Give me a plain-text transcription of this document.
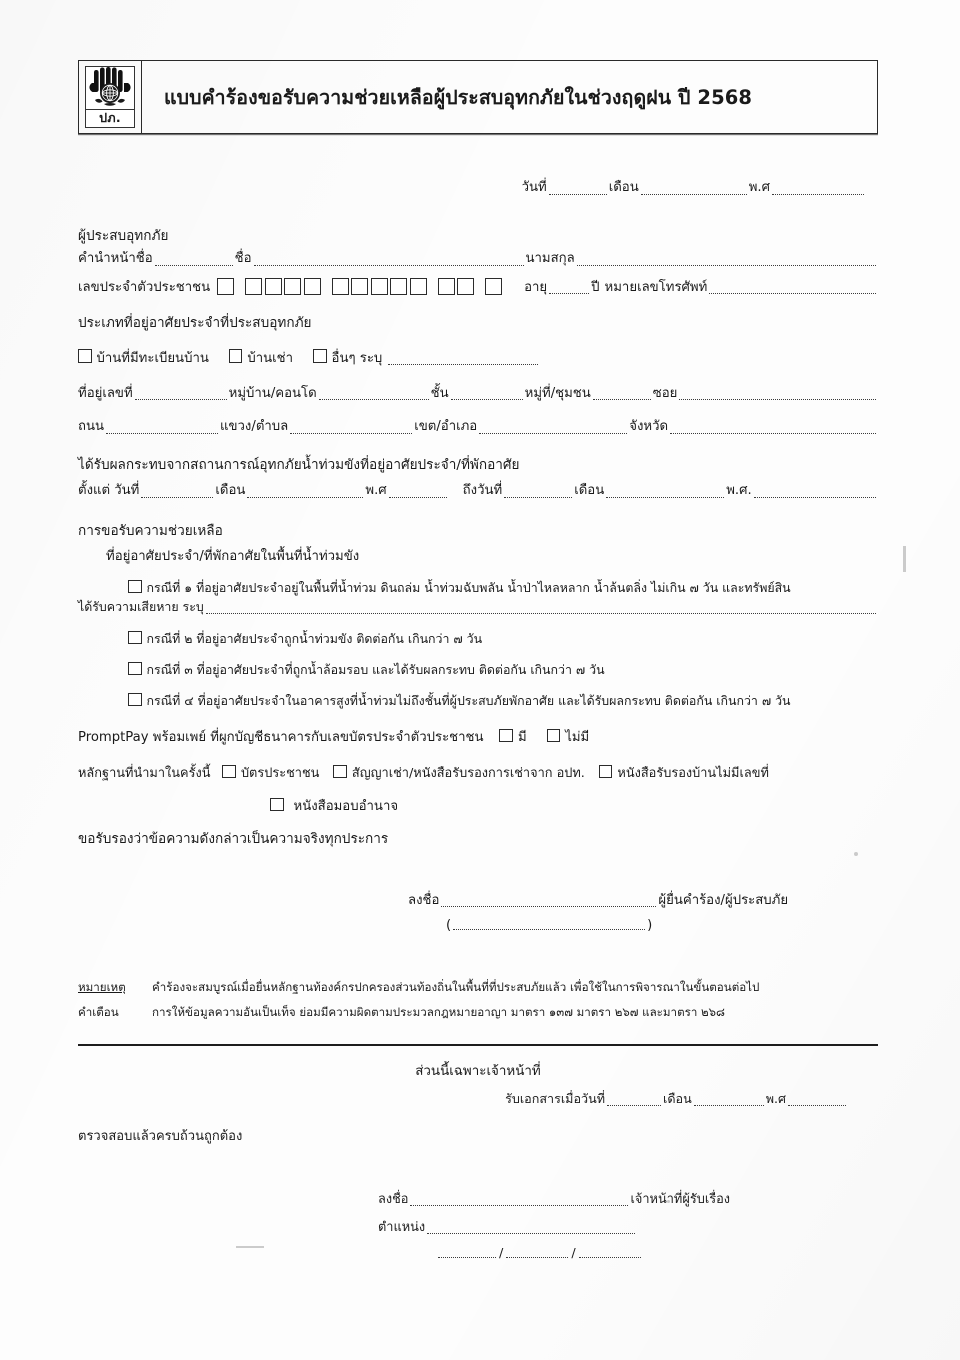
ปภ.
แบบคำร้องขอรับความช่วยเหลือผู้ประสบอุทกภัยในช่วงฤดูฝน ปี 2568
วันที่	เดือน	พ.ศ
ผู้ประสบอุทกภัย
คำนำหน้าชื่อ	ชื่อ	นามสกุล
เลขประจำตัวประชาชน	อายุ	ปี หมายเลขโทรศัพท์
ประเภทที่อยู่อาศัยประจำที่ประสบอุทกภัย
บ้านที่มีทะเบียนบ้าน	บ้านเช่า	อื่นๆ ระบุ
ที่อยู่เลขที่	หมู่บ้าน/คอนโด	ชั้น	หมู่ที่/ชุมชน	ซอย
ถนน	แขวง/ตำบล	เขต/อำเภอ	จังหวัด
ได้รับผลกระทบจากสถานการณ์อุทกภัยน้ำท่วมขังที่อยู่อาศัยประจำ/ที่พักอาศัย
ตั้งแต่ วันที่	เดือน	พ.ศ	ถึงวันที่	เดือน	พ.ศ.
การขอรับความช่วยเหลือ
ที่อยู่อาศัยประจำ/ที่พักอาศัยในพื้นที่น้ำท่วมขัง
กรณีที่ ๑ ที่อยู่อาศัยประจำอยู่ในพื้นที่น้ำท่วม ดินถล่ม น้ำท่วมฉับพลัน น้ำป่าไหลหลาก น้ำล้นตลิ่ง ไม่เกิน ๗ วัน และทรัพย์สิน
ได้รับความเสียหาย ระบุ
กรณีที่ ๒ ที่อยู่อาศัยประจำถูกน้ำท่วมขัง ติดต่อกัน เกินกว่า ๗ วัน
กรณีที่ ๓ ที่อยู่อาศัยประจำที่ถูกน้ำล้อมรอบ และได้รับผลกระทบ ติดต่อกัน เกินกว่า ๗ วัน
กรณีที่ ๔ ที่อยู่อาศัยประจำในอาคารสูงที่น้ำท่วมไม่ถึงชั้นที่ผู้ประสบภัยพักอาศัย และได้รับผลกระทบ ติดต่อกัน เกินกว่า ๗ วัน
PromptPay พร้อมเพย์ ที่ผูกบัญชีธนาคารกับเลขบัตรประจำตัวประชาชน	มี	ไม่มี
หลักฐานที่นำมาในครั้งนี้ บัตรประชาชน	สัญญาเช่า/หนังสือรับรองการเช่าจาก อปท.	หนังสือรับรองบ้านไม่มีเลขที่
หนังสือมอบอำนาจ
ขอรับรองว่าข้อความดังกล่าวเป็นความจริงทุกประการ
ลงชื่อ	ผู้ยื่นคำร้อง/ผู้ประสบภัย
(	)
หมายเหตุ	คำร้องจะสมบูรณ์เมื่อยื่นหลักฐานท้องค์กรปกครองส่วนท้องถิ่นในพื้นที่ที่ประสบภัยแล้ว เพื่อใช้ในการพิจารณาในขั้นตอนต่อไป
คำเตือน	การให้ข้อมูลความอันเป็นเท็จ ย่อมมีความผิดตามประมวลกฎหมายอาญา มาตรา ๑๓๗ มาตรา ๒๖๗ และมาตรา ๒๖๘
ส่วนนี้เฉพาะเจ้าหน้าที่
รับเอกสารเมื่อวันที่	เดือน	พ.ศ
ตรวจสอบแล้วครบถ้วนถูกต้อง
ลงชื่อ	เจ้าหน้าที่ผู้รับเรื่อง
ตำแหน่ง
/	/
